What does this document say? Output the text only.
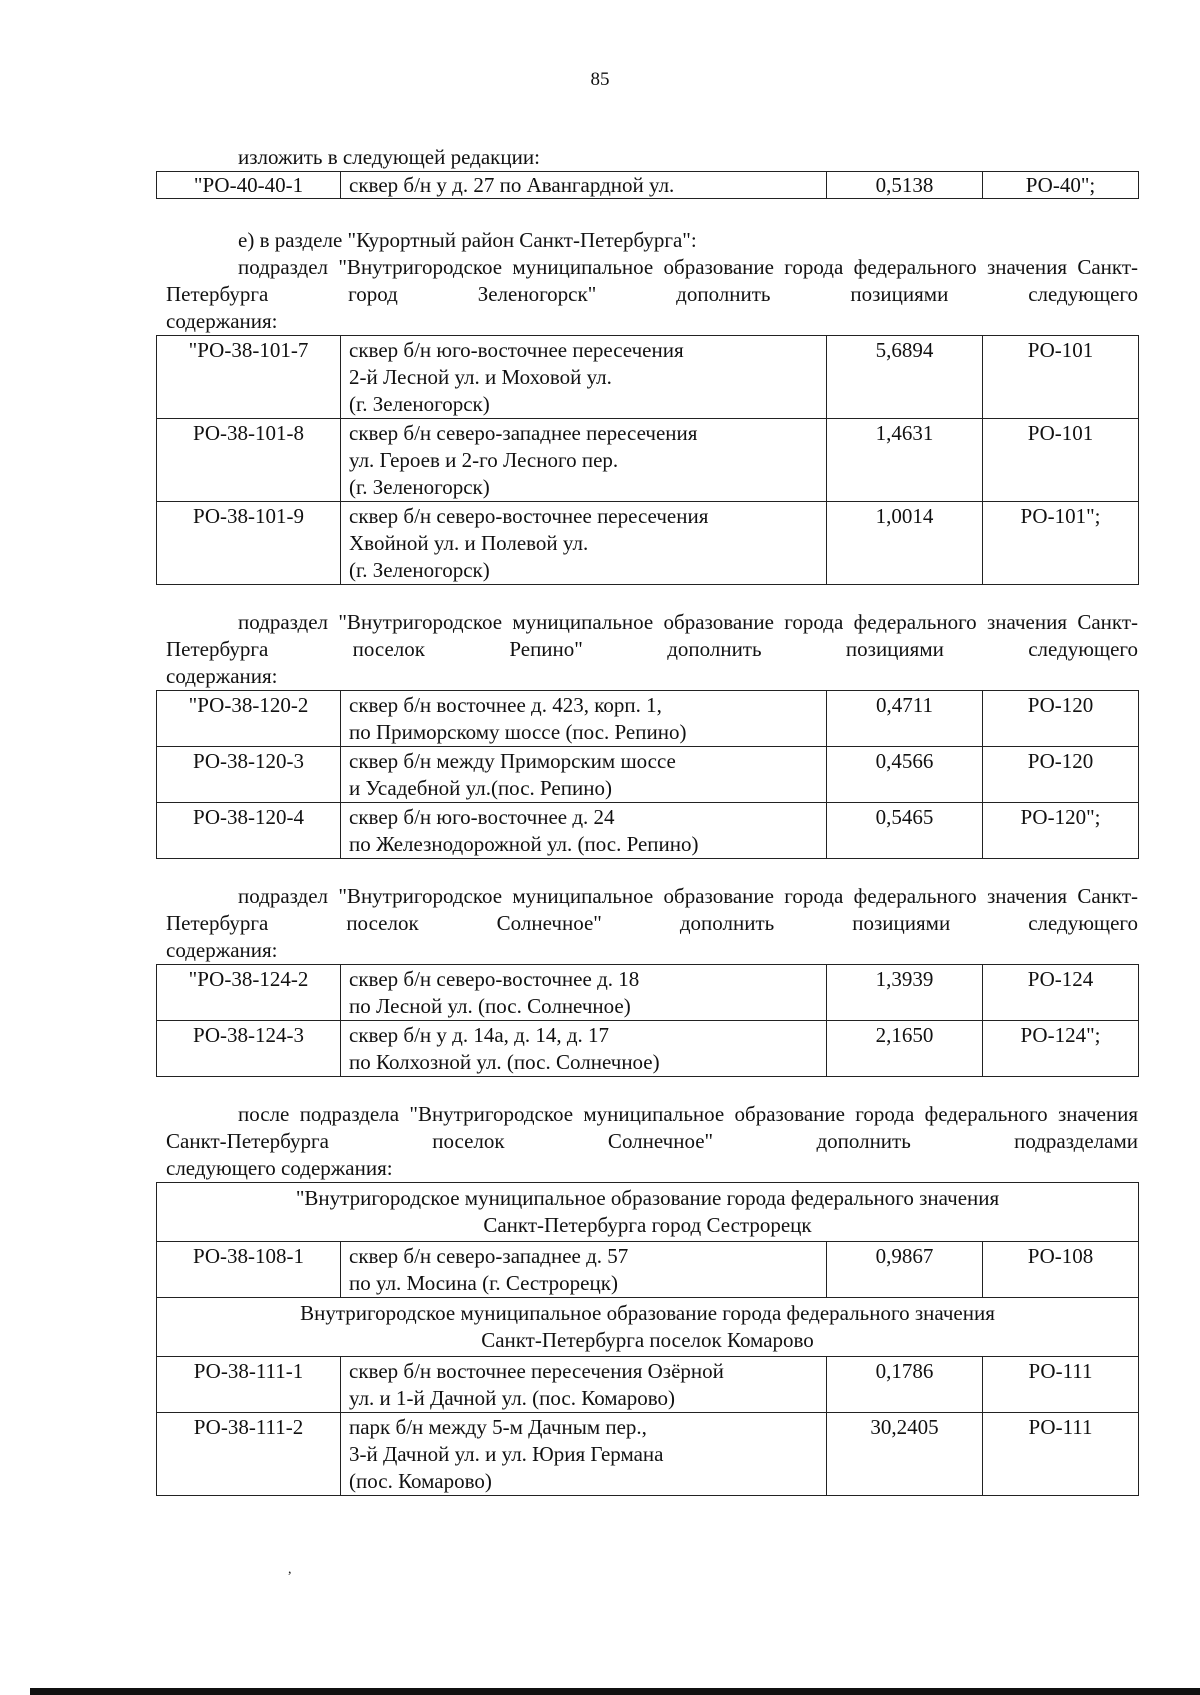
85

изложить в следующей редакции:

"РО-40-40-1	сквер б/н у д. 27 по Авангардной ул.	0,5138	РО-40";

е) в разделе "Курортный район Санкт-Петербурга":

подраздел "Внутригородское муниципальное образование города федерального значения Санкт-Петербурга город Зеленогорск" дополнить позициями следующего

содержания:

"РО-38-101-7	сквер б/н юго-восточнее пересечения
2-й Лесной ул. и Моховой ул.
(г. Зеленогорск)	5,6894	РО-101
РО-38-101-8	сквер б/н северо-западнее пересечения
ул. Героев и 2-го Лесного пер.
(г. Зеленогорск)	1,4631	РО-101
РО-38-101-9	сквер б/н северо-восточнее пересечения
Хвойной ул. и Полевой ул.
(г. Зеленогорск)	1,0014	РО-101";

подраздел "Внутригородское муниципальное образование города федерального значения Санкт-Петербурга поселок Репино" дополнить позициями следующего

содержания:

"РО-38-120-2	сквер б/н восточнее д. 423, корп. 1,
по Приморскому шоссе (пос. Репино)	0,4711	РО-120
РО-38-120-3	сквер б/н между Приморским шоссе
и Усадебной ул.(пос. Репино)	0,4566	РО-120
РО-38-120-4	сквер б/н юго-восточнее д. 24
по Железнодорожной ул. (пос. Репино)	0,5465	РО-120";

подраздел "Внутригородское муниципальное образование города федерального значения Санкт-Петербурга поселок Солнечное" дополнить позициями следующего

содержания:

"РО-38-124-2	сквер б/н северо-восточнее д. 18
по Лесной ул. (пос. Солнечное)	1,3939	РО-124
РО-38-124-3	сквер б/н у д. 14а, д. 14, д. 17
по Колхозной ул. (пос. Солнечное)	2,1650	РО-124";

после подраздела "Внутригородское муниципальное образование города федерального значения Санкт-Петербурга поселок Солнечное" дополнить подразделами

следующего содержания:

"Внутригородское муниципальное образование города федерального значения
Санкт-Петербурга город Сестрорецк			

РО-38-108-1	сквер б/н северо-западнее д. 57
по ул. Мосина (г. Сестрорецк)	0,9867	РО-108

Внутригородское муниципальное образование города федерального значения
Санкт-Петербурга поселок Комарово			

РО-38-111-1	сквер б/н восточнее пересечения Озёрной
ул. и 1-й Дачной ул. (пос. Комарово)	0,1786	РО-111
РО-38-111-2	парк б/н между 5-м Дачным пер.,
3-й Дачной ул. и ул. Юрия Германа
(пос. Комарово)	30,2405	РО-111
,
